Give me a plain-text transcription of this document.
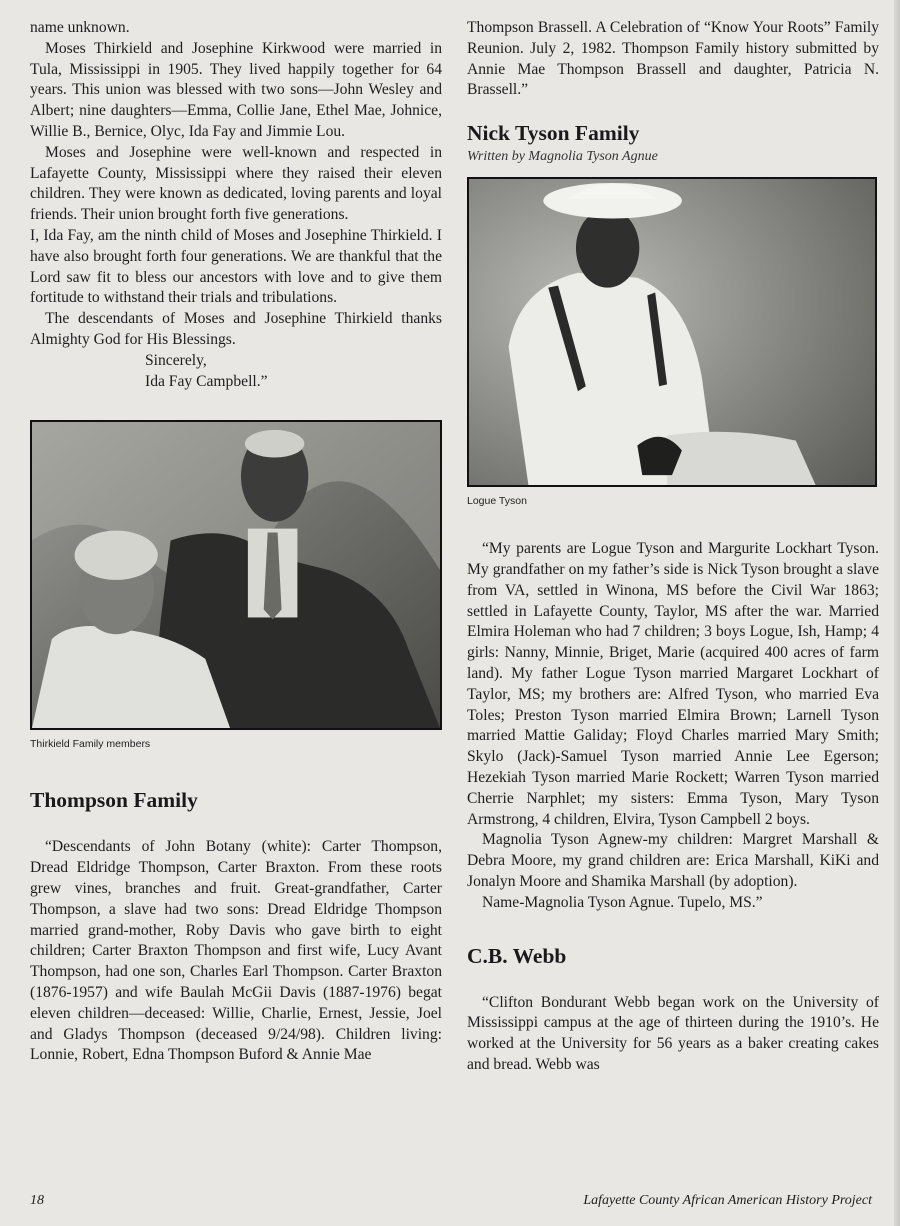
name unknown.

Moses Thirkield and Josephine Kirkwood were married in Tula, Mississippi in 1905. They lived happily together for 64 years. This union was blessed with two sons—John Wesley and Albert; nine daughters—Emma, Collie Jane, Ethel Mae, Johnice, Willie B., Bernice, Olyc, Ida Fay and Jimmie Lou.

Moses and Josephine were well-known and respected in Lafayette County, Mississippi where they raised their eleven children. They were known as dedicated, loving parents and loyal friends. Their union brought forth five generations.

I, Ida Fay, am the ninth child of Moses and Josephine Thirkield. I have also brought forth four generations. We are thankful that the Lord saw fit to bless our ancestors with love and to give them fortitude to withstand their trials and tribulations.

The descendants of Moses and Josephine Thirkield thanks Almighty God for His Blessings.

Sincerely,

Ida Fay Campbell.”

Thirkield Family members
Thompson Family

“Descendants of John Botany (white): Carter Thompson, Dread Eldridge Thompson, Carter Braxton. From these roots grew vines, branches and fruit. Great-grandfather, Carter Thompson, a slave had two sons: Dread Eldridge Thompson married grand-mother, Roby Davis who gave birth to eight children; Carter Braxton Thompson and first wife, Lucy Avant Thompson, had one son, Charles Earl Thompson. Carter Braxton (1876-1957) and wife Baulah McGii Davis (1887-1976) begat eleven children—deceased: Willie, Charlie, Ernest, Jessie, Joel and Gladys Thompson (deceased 9/24/98). Children living: Lonnie, Robert, Edna Thompson Buford & Annie Mae

Thompson Brassell. A Celebration of “Know Your Roots” Family Reunion. July 2, 1982. Thompson Family history submitted by Annie Mae Thompson Brassell and daughter, Patricia N. Brassell.”

Nick Tyson Family
Written by Magnolia Tyson Agnue
Logue Tyson

“My parents are Logue Tyson and Margurite Lockhart Tyson. My grandfather on my father’s side is Nick Tyson brought a slave from VA, settled in Winona, MS before the Civil War 1863; settled in Lafayette County, Taylor, MS after the war. Married Elmira Holeman who had 7 children; 3 boys Logue, Ish, Hamp; 4 girls: Nanny, Minnie, Briget, Marie (acquired 400 acres of farm land). My father Logue Tyson married Margaret Lockhart of Taylor, MS; my brothers are: Alfred Tyson, who married Eva Toles; Preston Tyson married Elmira Brown; Larnell Tyson married Mattie Galiday; Floyd Charles married Mary Smith; Skylo (Jack)-Samuel Tyson married Annie Lee Egerson; Hezekiah Tyson married Marie Rockett; Warren Tyson married Cherrie Narphlet; my sisters: Emma Tyson, Mary Tyson Armstrong, 4 children, Elvira, Tyson Campbell 2 boys.

Magnolia Tyson Agnew-my children: Margret Marshall & Debra Moore, my grand children are: Erica Marshall, KiKi and Jonalyn Moore and Shamika Marshall (by adoption).

Name-Magnolia Tyson Agnue. Tupelo, MS.”

C.B. Webb

“Clifton Bondurant Webb began work on the University of Mississippi campus at the age of thirteen during the 1910’s. He worked at the University for 56 years as a baker creating cakes and bread. Webb was

18	Lafayette County African American History Project
